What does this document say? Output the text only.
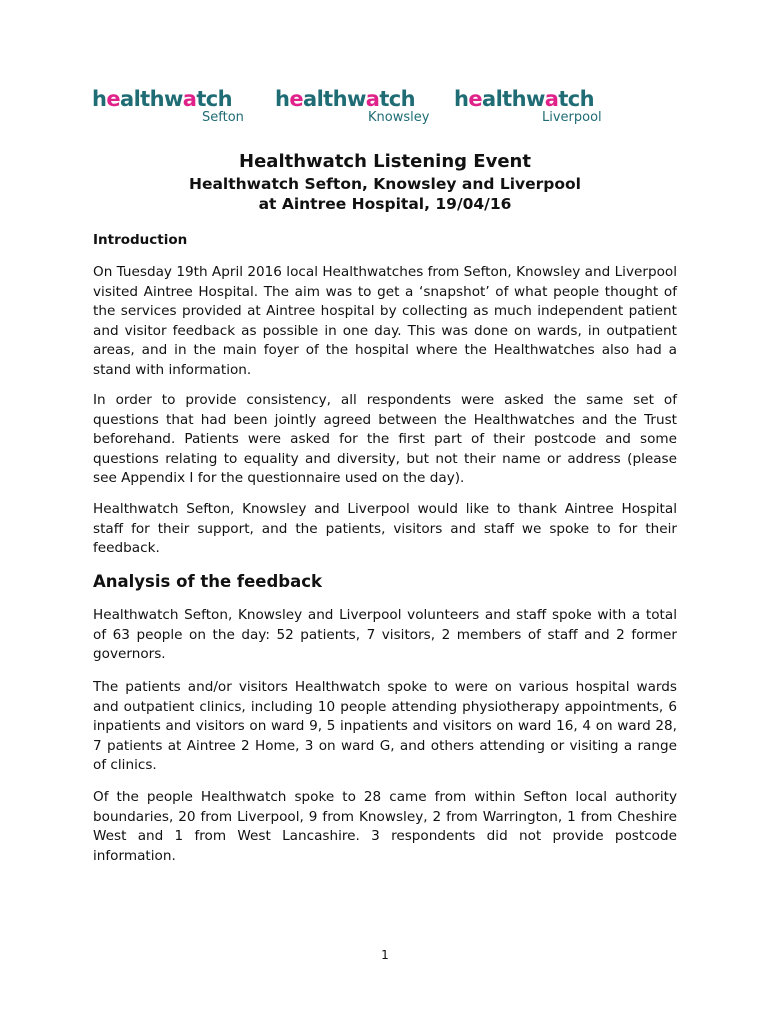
healthwatch
Sefton
healthwatch
Knowsley
healthwatch
Liverpool
Healthwatch Listening Event
Healthwatch Sefton, Knowsley and Liverpool
at Aintree Hospital, 19/04/16
Introduction

On Tuesday 19th April 2016 local Healthwatches from Sefton, Knowsley and Liverpool visited Aintree Hospital. The aim was to get a ‘snapshot’ of what people thought of the services provided at Aintree hospital by collecting as much independent patient and visitor feedback as possible in one day. This was done on wards, in outpatient areas, and in the main foyer of the hospital where the Healthwatches also had a stand with information.

In order to provide consistency, all respondents were asked the same set of questions that had been jointly agreed between the Healthwatches and the Trust beforehand. Patients were asked for the first part of their postcode and some questions relating to equality and diversity, but not their name or address (please see Appendix I for the questionnaire used on the day).

Healthwatch Sefton, Knowsley and Liverpool would like to thank Aintree Hospital staff for their support, and the patients, visitors and staff we spoke to for their feedback.

Analysis of the feedback

Healthwatch Sefton, Knowsley and Liverpool volunteers and staff spoke with a total of 63 people on the day: 52 patients, 7 visitors, 2 members of staff and 2 former governors.

The patients and/or visitors Healthwatch spoke to were on various hospital wards and outpatient clinics, including 10 people attending physiotherapy appointments, 6 inpatients and visitors on ward 9, 5 inpatients and visitors on ward 16, 4 on ward 28, 7 patients at Aintree 2 Home, 3 on ward G, and others attending or visiting a range of clinics.

Of the people Healthwatch spoke to 28 came from within Sefton local authority boundaries, 20 from Liverpool, 9 from Knowsley, 2 from Warrington, 1 from Cheshire West and 1 from West Lancashire. 3 respondents did not provide postcode information.

1
